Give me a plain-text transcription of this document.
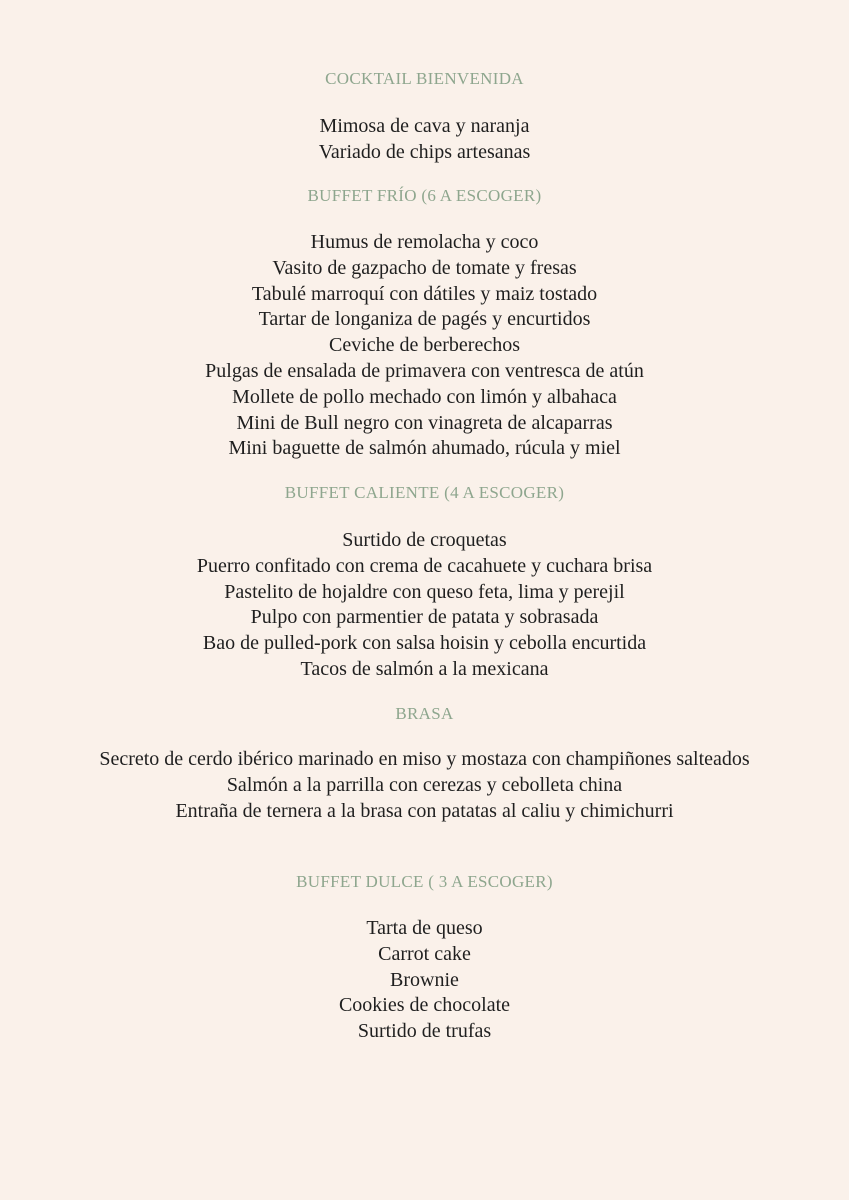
COCKTAIL BIENVENIDA
Mimosa de cava y naranja
Variado de chips artesanas
BUFFET FRÍO (6 A ESCOGER)
Humus de remolacha y coco
Vasito de gazpacho de tomate y fresas
Tabulé marroquí con dátiles y maiz tostado
Tartar de longaniza de pagés y encurtidos
Ceviche de berberechos
Pulgas de ensalada de primavera con ventresca de atún
Mollete de pollo mechado con limón y albahaca
Mini de Bull negro con vinagreta de alcaparras
Mini baguette de salmón ahumado, rúcula y miel
BUFFET CALIENTE (4 A ESCOGER)
Surtido de croquetas
Puerro confitado con crema de cacahuete y cuchara brisa
Pastelito de hojaldre con queso feta, lima y perejil
Pulpo con parmentier de patata y sobrasada
Bao de pulled-pork con salsa hoisin y cebolla encurtida
Tacos de salmón a la mexicana
BRASA
Secreto de cerdo ibérico marinado en miso y mostaza con champiñones salteados
Salmón a la parrilla con cerezas y cebolleta china
Entraña de ternera a la brasa con patatas al caliu y chimichurri
BUFFET DULCE ( 3 A ESCOGER)
Tarta de queso
Carrot cake
Brownie
Cookies de chocolate
Surtido de trufas
